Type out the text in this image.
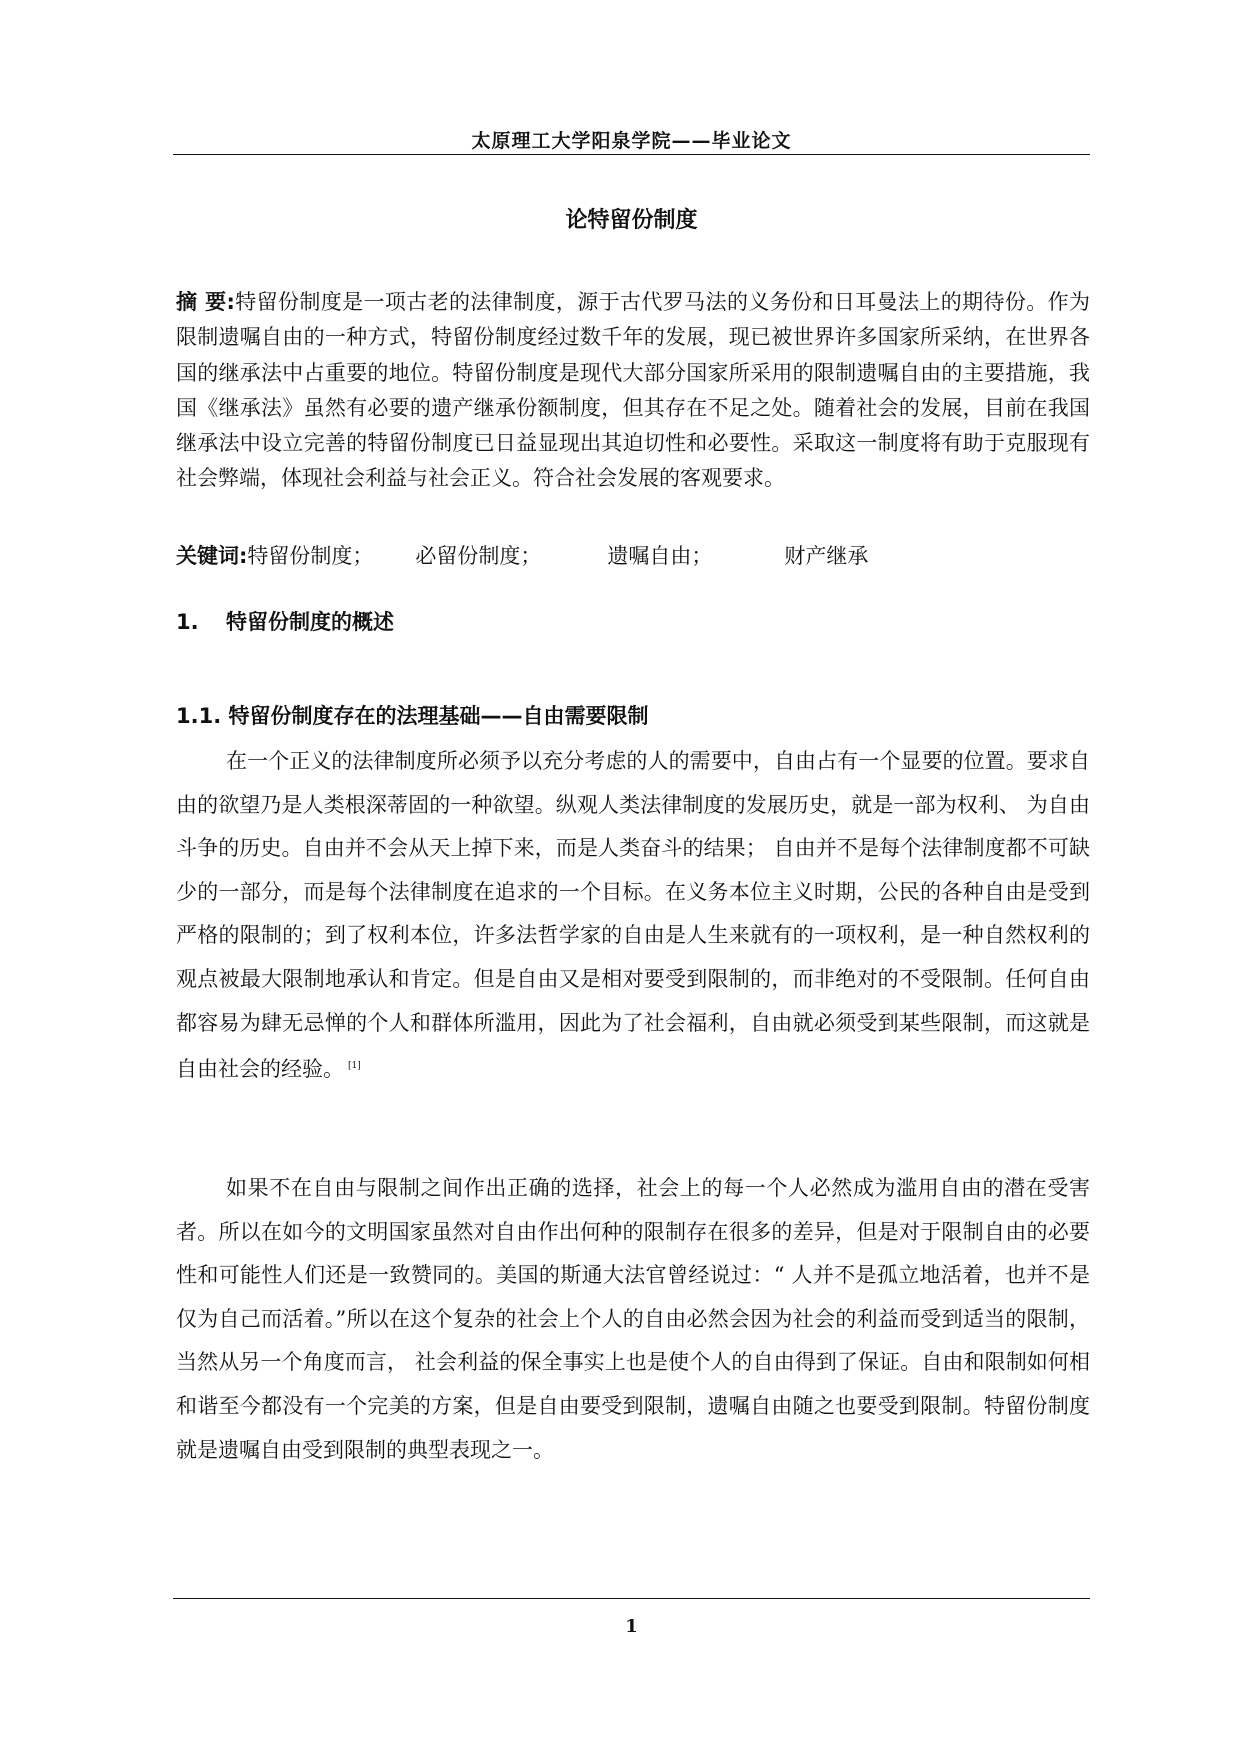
太原理工大学阳泉学院——毕业论文
论特留份制度
摘 要:特留份制度是一项古老的法律制度，源于古代罗马法的义务份和日耳曼法上的期待份。作为限制遗嘱自由的一种方式，特留份制度经过数千年的发展，现已被世界许多国家所采纳，在世界各国的继承法中占重要的地位。特留份制度是现代大部分国家所采用的限制遗嘱自由的主要措施，我国《继承法》虽然有必要的遗产继承份额制度，但其存在不足之处。随着社会的发展，目前在我国继承法中设立完善的特留份制度已日益显现出其迫切性和必要性。采取这一制度将有助于克服现有社会弊端，体现社会利益与社会正义。符合社会发展的客观要求。
关键词:特留份制度； 必留份制度；	遗嘱自由；	财产继承
1. 特留份制度的概述
1.1. 特留份制度存在的法理基础——自由需要限制
在一个正义的法律制度所必须予以充分考虑的人的需要中，自由占有一个显要的位置。要求自由的欲望乃是人类根深蒂固的一种欲望。纵观人类法律制度的发展历史，就是一部为权利、 为自由斗争的历史。自由并不会从天上掉下来，而是人类奋斗的结果； 自由并不是每个法律制度都不可缺少的一部分，而是每个法律制度在追求的一个目标。在义务本位主义时期，公民的各种自由是受到严格的限制的；到了权利本位，许多法哲学家的自由是人生来就有的一项权利，是一种自然权利的观点被最大限制地承认和肯定。但是自由又是相对要受到限制的，而非绝对的不受限制。任何自由都容易为肆无忌惮的个人和群体所滥用，因此为了社会福利，自由就必须受到某些限制，而这就是自由社会的经验。 [1]
如果不在自由与限制之间作出正确的选择，社会上的每一个人必然成为滥用自由的潜在受害者。所以在如今的文明国家虽然对自由作出何种的限制存在很多的差异，但是对于限制自由的必要性和可能性人们还是一致赞同的。美国的斯通大法官曾经说过：“ 人并不是孤立地活着，也并不是仅为自己而活着。”所以在这个复杂的社会上个人的自由必然会因为社会的利益而受到适当的限制，当然从另一个角度而言， 社会利益的保全事实上也是使个人的自由得到了保证。自由和限制如何相和谐至今都没有一个完美的方案，但是自由要受到限制，遗嘱自由随之也要受到限制。特留份制度就是遗嘱自由受到限制的典型表现之一。
1
